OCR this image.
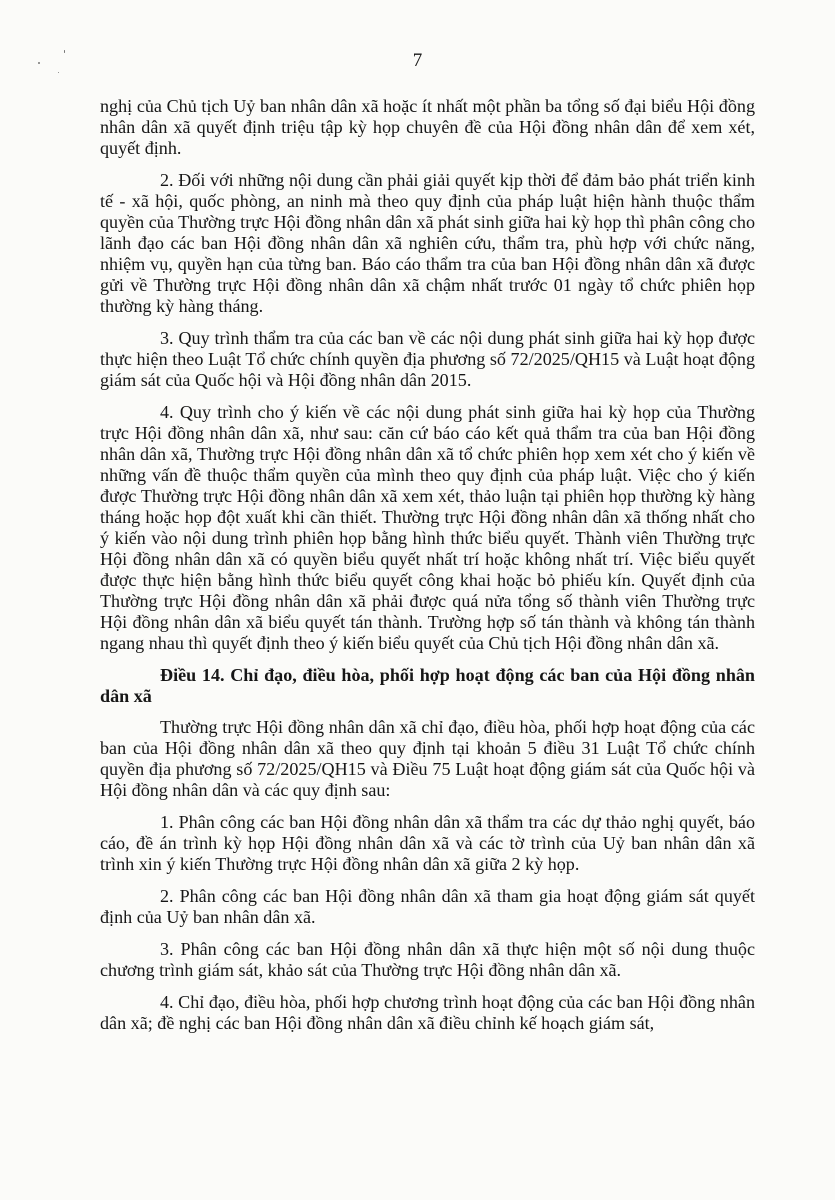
7

nghị của Chủ tịch Uỷ ban nhân dân xã hoặc ít nhất một phần ba tổng số đại biểu Hội đồng nhân dân xã quyết định triệu tập kỳ họp chuyên đề của Hội đồng nhân dân để xem xét, quyết định.

2. Đối với những nội dung cần phải giải quyết kịp thời để đảm bảo phát triển kinh tế - xã hội, quốc phòng, an ninh mà theo quy định của pháp luật hiện hành thuộc thẩm quyền của Thường trực Hội đồng nhân dân xã phát sinh giữa hai kỳ họp thì phân công cho lãnh đạo các ban Hội đồng nhân dân xã nghiên cứu, thẩm tra, phù hợp với chức năng, nhiệm vụ, quyền hạn của từng ban. Báo cáo thẩm tra của ban Hội đồng nhân dân xã được gửi về Thường trực Hội đồng nhân dân xã chậm nhất trước 01 ngày tổ chức phiên họp thường kỳ hàng tháng.

3. Quy trình thẩm tra của các ban về các nội dung phát sinh giữa hai kỳ họp được thực hiện theo Luật Tổ chức chính quyền địa phương số 72/2025/QH15 và Luật hoạt động giám sát của Quốc hội và Hội đồng nhân dân 2015.

4. Quy trình cho ý kiến về các nội dung phát sinh giữa hai kỳ họp của Thường trực Hội đồng nhân dân xã, như sau: căn cứ báo cáo kết quả thẩm tra của ban Hội đồng nhân dân xã, Thường trực Hội đồng nhân dân xã tổ chức phiên họp xem xét cho ý kiến về những vấn đề thuộc thẩm quyền của mình theo quy định của pháp luật. Việc cho ý kiến được Thường trực Hội đồng nhân dân xã xem xét, thảo luận tại phiên họp thường kỳ hàng tháng hoặc họp đột xuất khi cần thiết. Thường trực Hội đồng nhân dân xã thống nhất cho ý kiến vào nội dung trình phiên họp bằng hình thức biểu quyết. Thành viên Thường trực Hội đồng nhân dân xã có quyền biểu quyết nhất trí hoặc không nhất trí. Việc biểu quyết được thực hiện bằng hình thức biểu quyết công khai hoặc bỏ phiếu kín. Quyết định của Thường trực Hội đồng nhân dân xã phải được quá nửa tổng số thành viên Thường trực Hội đồng nhân dân xã biểu quyết tán thành. Trường hợp số tán thành và không tán thành ngang nhau thì quyết định theo ý kiến biểu quyết của Chủ tịch Hội đồng nhân dân xã.

Điều 14. Chỉ đạo, điều hòa, phối hợp hoạt động các ban của Hội đồng nhân dân xã

Thường trực Hội đồng nhân dân xã chỉ đạo, điều hòa, phối hợp hoạt động của các ban của Hội đồng nhân dân xã theo quy định tại khoản 5 điều 31 Luật Tổ chức chính quyền địa phương số 72/2025/QH15 và Điều 75 Luật hoạt động giám sát của Quốc hội và Hội đồng nhân dân và các quy định sau:

1. Phân công các ban Hội đồng nhân dân xã thẩm tra các dự thảo nghị quyết, báo cáo, đề án trình kỳ họp Hội đồng nhân dân xã và các tờ trình của Uỷ ban nhân dân xã trình xin ý kiến Thường trực Hội đồng nhân dân xã giữa 2 kỳ họp.

2. Phân công các ban Hội đồng nhân dân xã tham gia hoạt động giám sát quyết định của Uỷ ban nhân dân xã.

3. Phân công các ban Hội đồng nhân dân xã thực hiện một số nội dung thuộc chương trình giám sát, khảo sát của Thường trực Hội đồng nhân dân xã.

4. Chỉ đạo, điều hòa, phối hợp chương trình hoạt động của các ban Hội đồng nhân dân xã; đề nghị các ban Hội đồng nhân dân xã điều chỉnh kế hoạch giám sát,
